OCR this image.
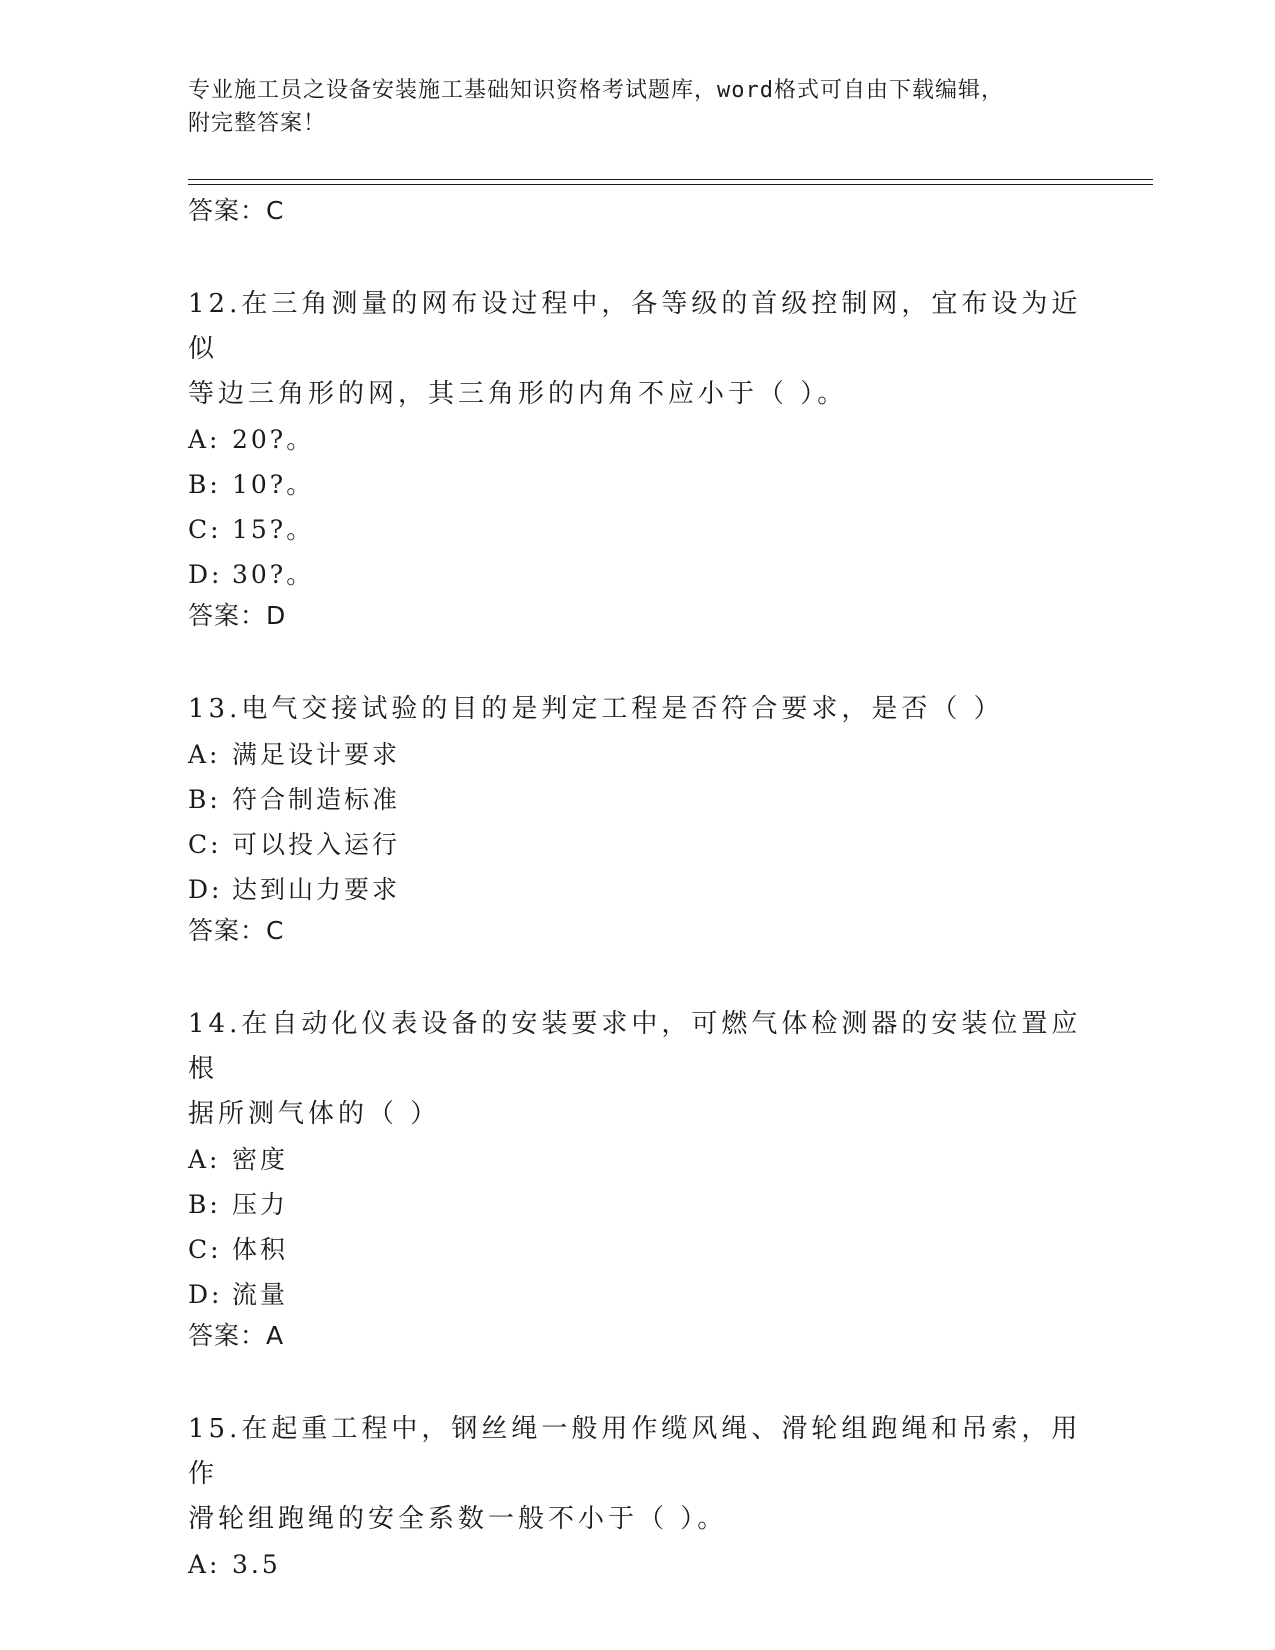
专业施工员之设备安装施工基础知识资格考试题库，word格式可自由下载编辑，
附完整答案！
答案：C
12.在三角测量的网布设过程中，各等级的首级控制网，宜布设为近似
等边三角形的网，其三角形的内角不应小于（ ）。
A: 20?。
B: 10?。
C: 15?。
D: 30?。
答案：D
13.电气交接试验的目的是判定工程是否符合要求，是否（ ）
A: 满足设计要求
B: 符合制造标准
C: 可以投入运行
D: 达到山力要求
答案：C
14.在自动化仪表设备的安装要求中，可燃气体检测器的安装位置应根
据所测气体的（ ）
A: 密度
B: 压力
C: 体积
D: 流量
答案：A
15.在起重工程中，钢丝绳一般用作缆风绳、滑轮组跑绳和吊索，用作
滑轮组跑绳的安全系数一般不小于（ ）。
A: 3.5
